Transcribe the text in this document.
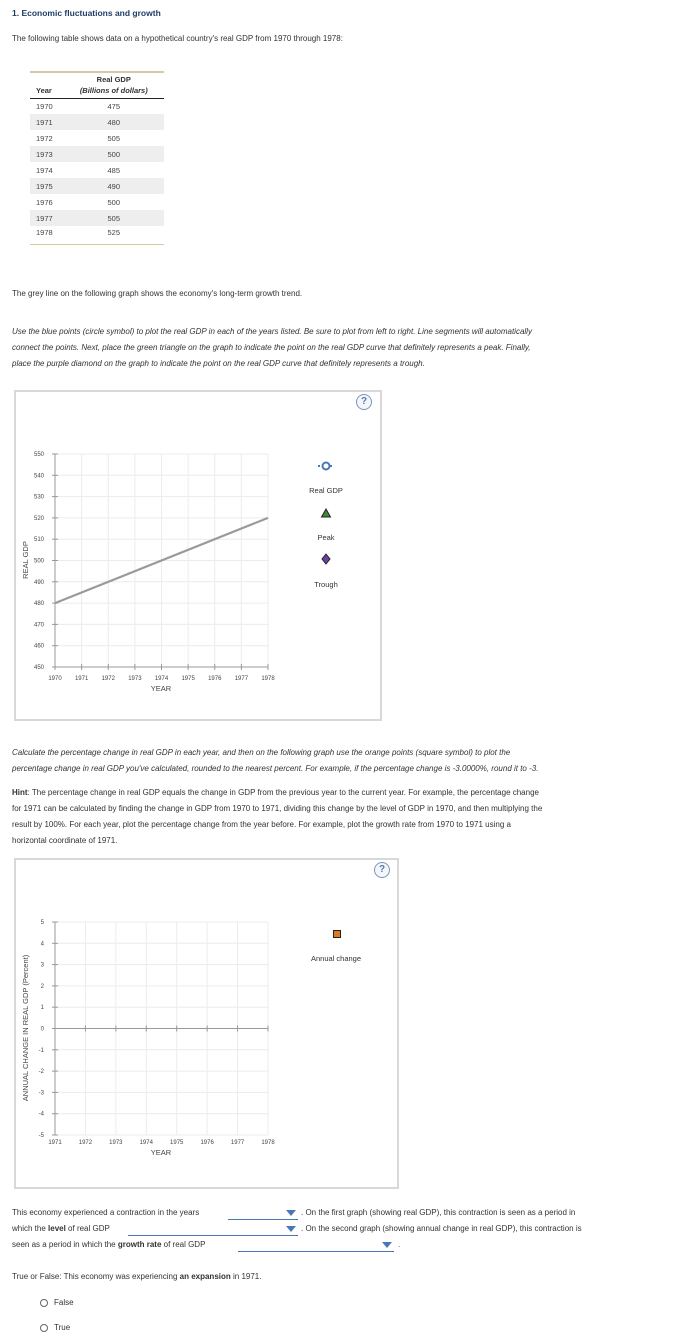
1. Economic fluctuations and growth
The following table shows data on a hypothetical country's real GDP from 1970 through 1978:
	Real GDP
Year	(Billions of dollars)
1970	475
1971	480
1972	505
1973	500
1974	485
1975	490
1976	500
1977	505
1978	525
The grey line on the following graph shows the economy's long-term growth trend.
Use the blue points (circle symbol) to plot the real GDP in each of the years listed. Be sure to plot from left to right. Line segments will automatically
connect the points. Next, place the green triangle on the graph to indicate the point on the real GDP curve that definitely represents a peak. Finally,
place the purple diamond on the graph to indicate the point on the real GDP curve that definitely represents a trough.
?
550
540
530
520
510
500
490
480
470
460
450
1970 1971 1972 1973 1974 1975 1976 1977 1978
YEAR
REAL GDP
Real GDP
Peak
Trough
Calculate the percentage change in real GDP in each year, and then on the following graph use the orange points (square symbol) to plot the
percentage change in real GDP you've calculated, rounded to the nearest percent. For example, if the percentage change is -3.0000%, round it to -3.
Hint: The percentage change in real GDP equals the change in GDP from the previous year to the current year. For example, the percentage change
for 1971 can be calculated by finding the change in GDP from 1970 to 1971, dividing this change by the level of GDP in 1970, and then multiplying the
result by 100%. For each year, plot the percentage change from the year before. For example, plot the growth rate from 1970 to 1971 using a
horizontal coordinate of 1971.
?
5
4
3
2
1
0
-1
-2
-3
-4
-5
1971	1972	1973	1974	1975	1976	1977	1978
YEAR
ANNUAL CHANGE IN REAL GDP (Percent)	Annual change
This economy experienced a contraction in the years	. On the first graph (showing real GDP), this contraction is seen as a period in
which the level of real GDP	. On the second graph (showing annual change in real GDP), this contraction is
seen as a period in which the growth rate of real GDP	.
True or False: This economy was experiencing an expansion in 1971.
False
True
